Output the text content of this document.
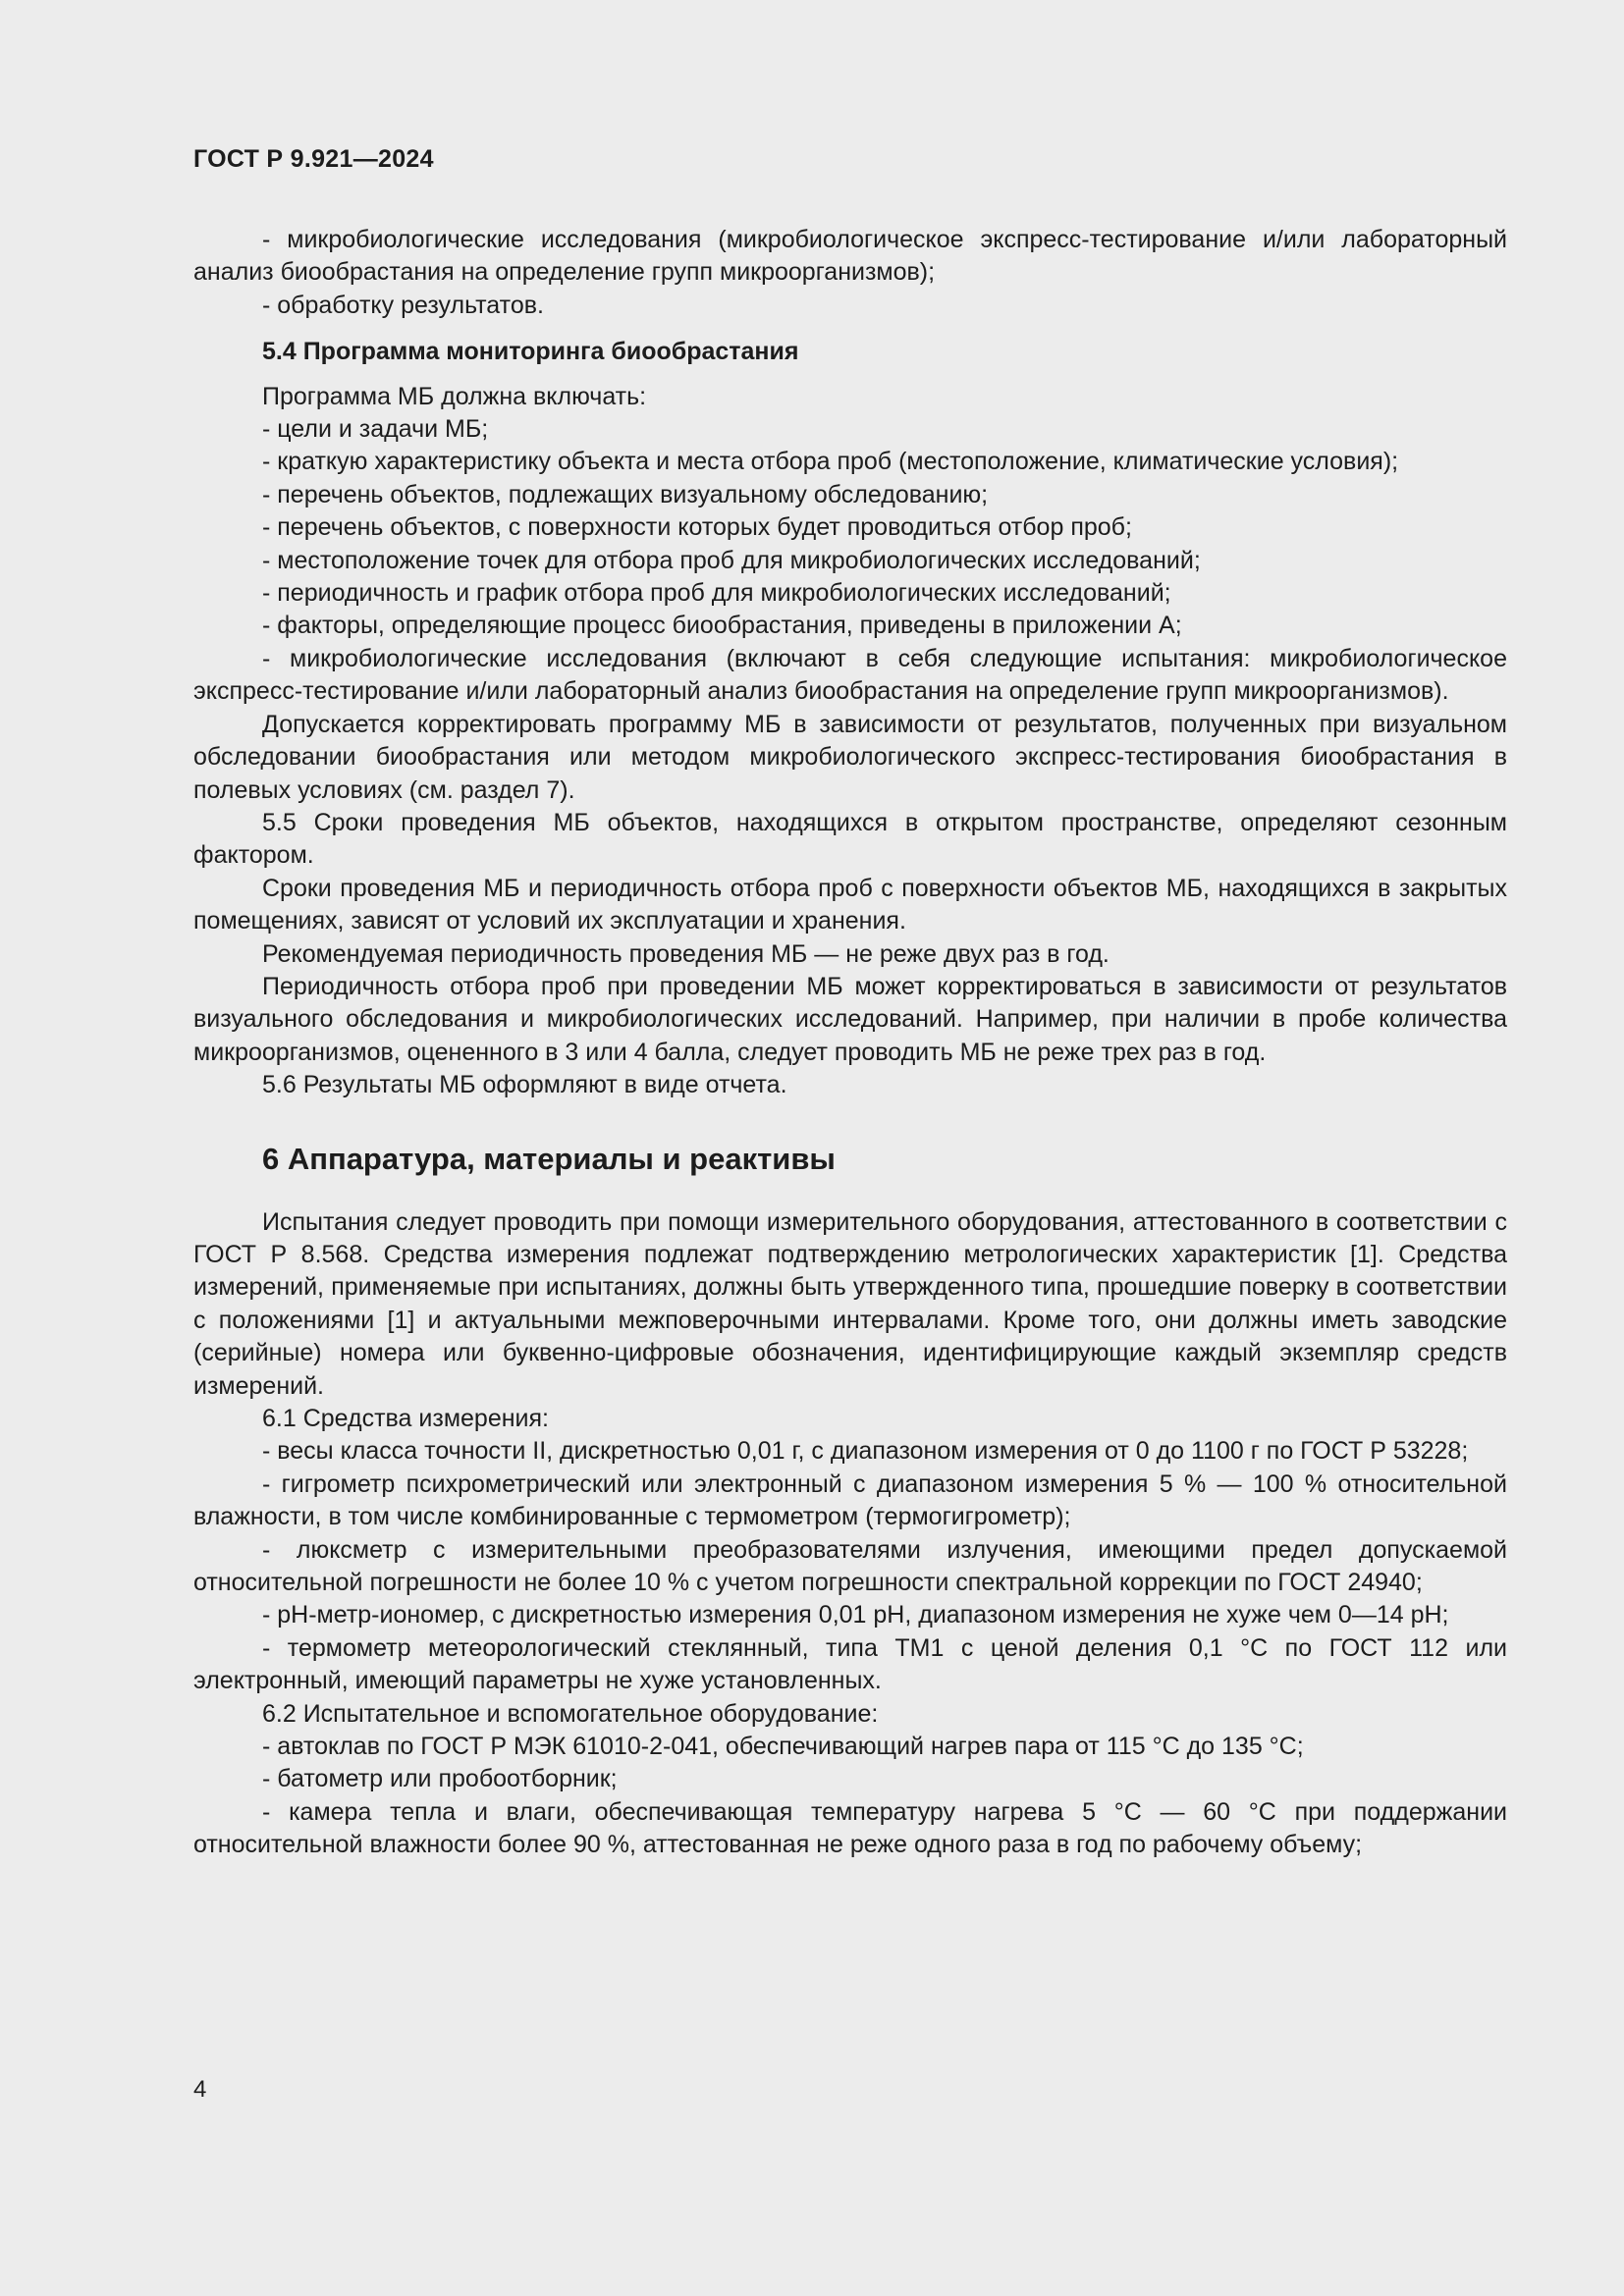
ГОСТ Р 9.921—2024

- микробиологические исследования (микробиологическое экспресс-тестирование и/или лабораторный анализ биообрастания на определение групп микроорганизмов);

- обработку результатов.

5.4 Программа мониторинга биообрастания

Программа МБ должна включать:

- цели и задачи МБ;

- краткую характеристику объекта и места отбора проб (местоположение, климатические условия);

- перечень объектов, подлежащих визуальному обследованию;

- перечень объектов, с поверхности которых будет проводиться отбор проб;

- местоположение точек для отбора проб для микробиологических исследований;

- периодичность и график отбора проб для микробиологических исследований;

- факторы, определяющие процесс биообрастания, приведены в приложении А;

- микробиологические исследования (включают в себя следующие испытания: микробиологическое экспресс-тестирование и/или лабораторный анализ биообрастания на определение групп микроорганизмов).

Допускается корректировать программу МБ в зависимости от результатов, полученных при визуальном обследовании биообрастания или методом микробиологического экспресс-тестирования биообрастания в полевых условиях (см. раздел 7).

5.5 Сроки проведения МБ объектов, находящихся в открытом пространстве, определяют сезонным фактором.

Сроки проведения МБ и периодичность отбора проб с поверхности объектов МБ, находящихся в закрытых помещениях, зависят от условий их эксплуатации и хранения.

Рекомендуемая периодичность проведения МБ — не реже двух раз в год.

Периодичность отбора проб при проведении МБ может корректироваться в зависимости от результатов визуального обследования и микробиологических исследований. Например, при наличии в пробе количества микроорганизмов, оцененного в 3 или 4 балла, следует проводить МБ не реже трех раз в год.

5.6 Результаты МБ оформляют в виде отчета.

6 Аппаратура, материалы и реактивы

Испытания следует проводить при помощи измерительного оборудования, аттестованного в соответствии с ГОСТ Р 8.568. Средства измерения подлежат подтверждению метрологических характеристик [1]. Средства измерений, применяемые при испытаниях, должны быть утвержденного типа, прошедшие поверку в соответствии с положениями [1] и актуальными межповерочными интервалами. Кроме того, они должны иметь заводские (серийные) номера или буквенно-цифровые обозначения, идентифицирующие каждый экземпляр средств измерений.

6.1 Средства измерения:

- весы класса точности II, дискретностью 0,01 г, с диапазоном измерения от 0 до 1100 г по ГОСТ Р 53228;

- гигрометр психрометрический или электронный с диапазоном измерения 5 % — 100 % относительной влажности, в том числе комбинированные с термометром (термогигрометр);

- люксметр с измерительными преобразователями излучения, имеющими предел допускаемой относительной погрешности не более 10 % с учетом погрешности спектральной коррекции по ГОСТ 24940;

- pH-метр-иономер, с дискретностью измерения 0,01 pH, диапазоном измерения не хуже чем 0—14 pH;

- термометр метеорологический стеклянный, типа ТМ1 с ценой деления 0,1 °С по ГОСТ 112 или электронный, имеющий параметры не хуже установленных.

6.2 Испытательное и вспомогательное оборудование:

- автоклав по ГОСТ Р МЭК 61010-2-041, обеспечивающий нагрев пара от 115 °С до 135 °С;

- батометр или пробоотборник;

- камера тепла и влаги, обеспечивающая температуру нагрева 5 °С — 60 °С при поддержании относительной влажности более 90 %, аттестованная не реже одного раза в год по рабочему объему;

4
